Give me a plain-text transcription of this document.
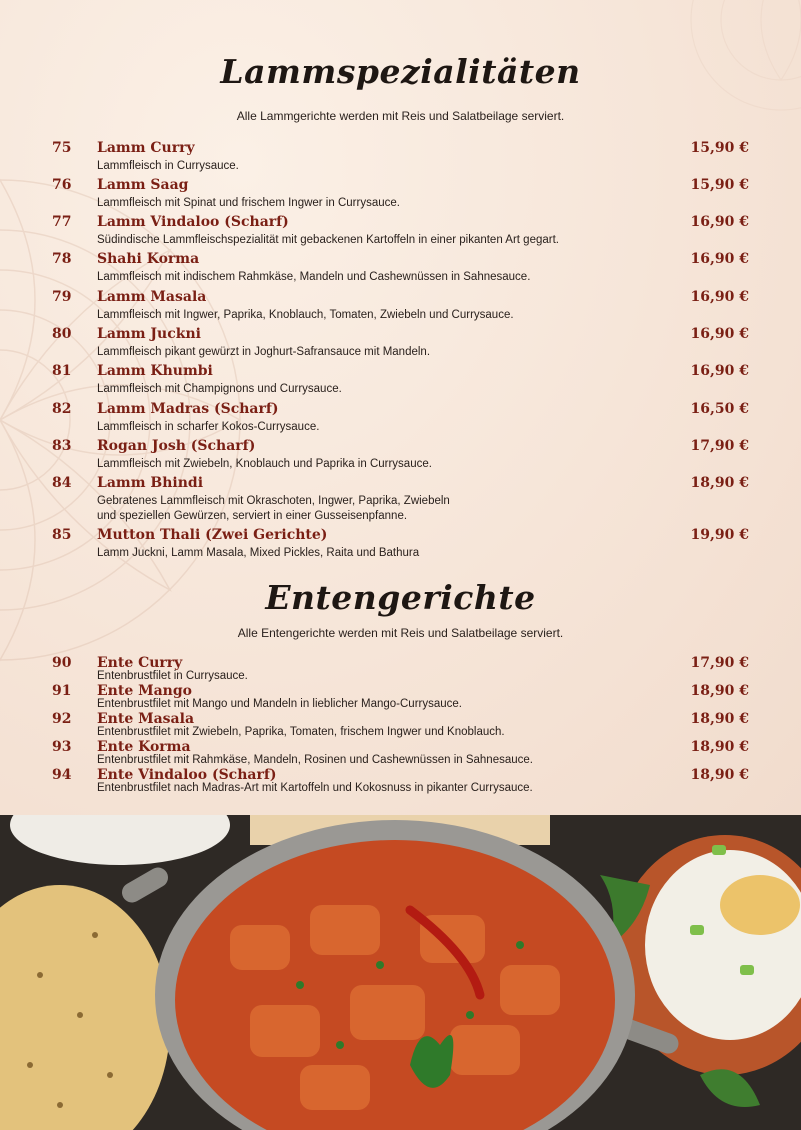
Lammspezialitäten
Alle Lammgerichte werden mit Reis und Salatbeilage serviert.
75 Lamm Curry	15,90 €
Lammfleisch in Currysauce.
76 Lamm Saag	15,90 €
Lammfleisch mit Spinat und frischem Ingwer in Currysauce.
77 Lamm Vindaloo (Scharf)	16,90 €
Südindische Lammfleischspezialität mit gebackenen Kartoffeln in einer pikanten Art gegart.
78 Shahi Korma	16,90 €
Lammfleisch mit indischem Rahmkäse, Mandeln und Cashewnüssen in Sahnesauce.
79 Lamm Masala	16,90 €
Lammfleisch mit Ingwer, Paprika, Knoblauch, Tomaten, Zwiebeln und Currysauce.
80 Lamm Juckni	16,90 €
Lammfleisch pikant gewürzt in Joghurt-Safransauce mit Mandeln.
81 Lamm Khumbi	16,90 €
Lammfleisch mit Champignons und Currysauce.
82 Lamm Madras (Scharf)	16,50 €
Lammfleisch in scharfer Kokos-Currysauce.
83 Rogan Josh (Scharf)	17,90 €
Lammfleisch mit Zwiebeln, Knoblauch und Paprika in Currysauce.
84 Lamm Bhindi	18,90 €
Gebratenes Lammfleisch mit Okraschoten, Ingwer, Paprika, Zwiebeln
und speziellen Gewürzen, serviert in einer Gusseisenpfanne.
85 Mutton Thali (Zwei Gerichte)	19,90 €
Lamm Juckni, Lamm Masala, Mixed Pickles, Raita und Bathura
Entengerichte
Alle Entengerichte werden mit Reis und Salatbeilage serviert.
90 Ente Curry	17,90 €
Entenbrustfilet in Currysauce.
91 Ente Mango	18,90 €
Entenbrustfilet mit Mango und Mandeln in lieblicher Mango-Currysauce.
92 Ente Masala	18,90 €
Entenbrustfilet mit Zwiebeln, Paprika, Tomaten, frischem Ingwer und Knoblauch.
93 Ente Korma	18,90 €
Entenbrustfilet mit Rahmkäse, Mandeln, Rosinen und Cashewnüssen in Sahnesauce.
94 Ente Vindaloo (Scharf)	18,90 €
Entenbrustfilet nach Madras-Art mit Kartoffeln und Kokosnuss in pikanter Currysauce.
